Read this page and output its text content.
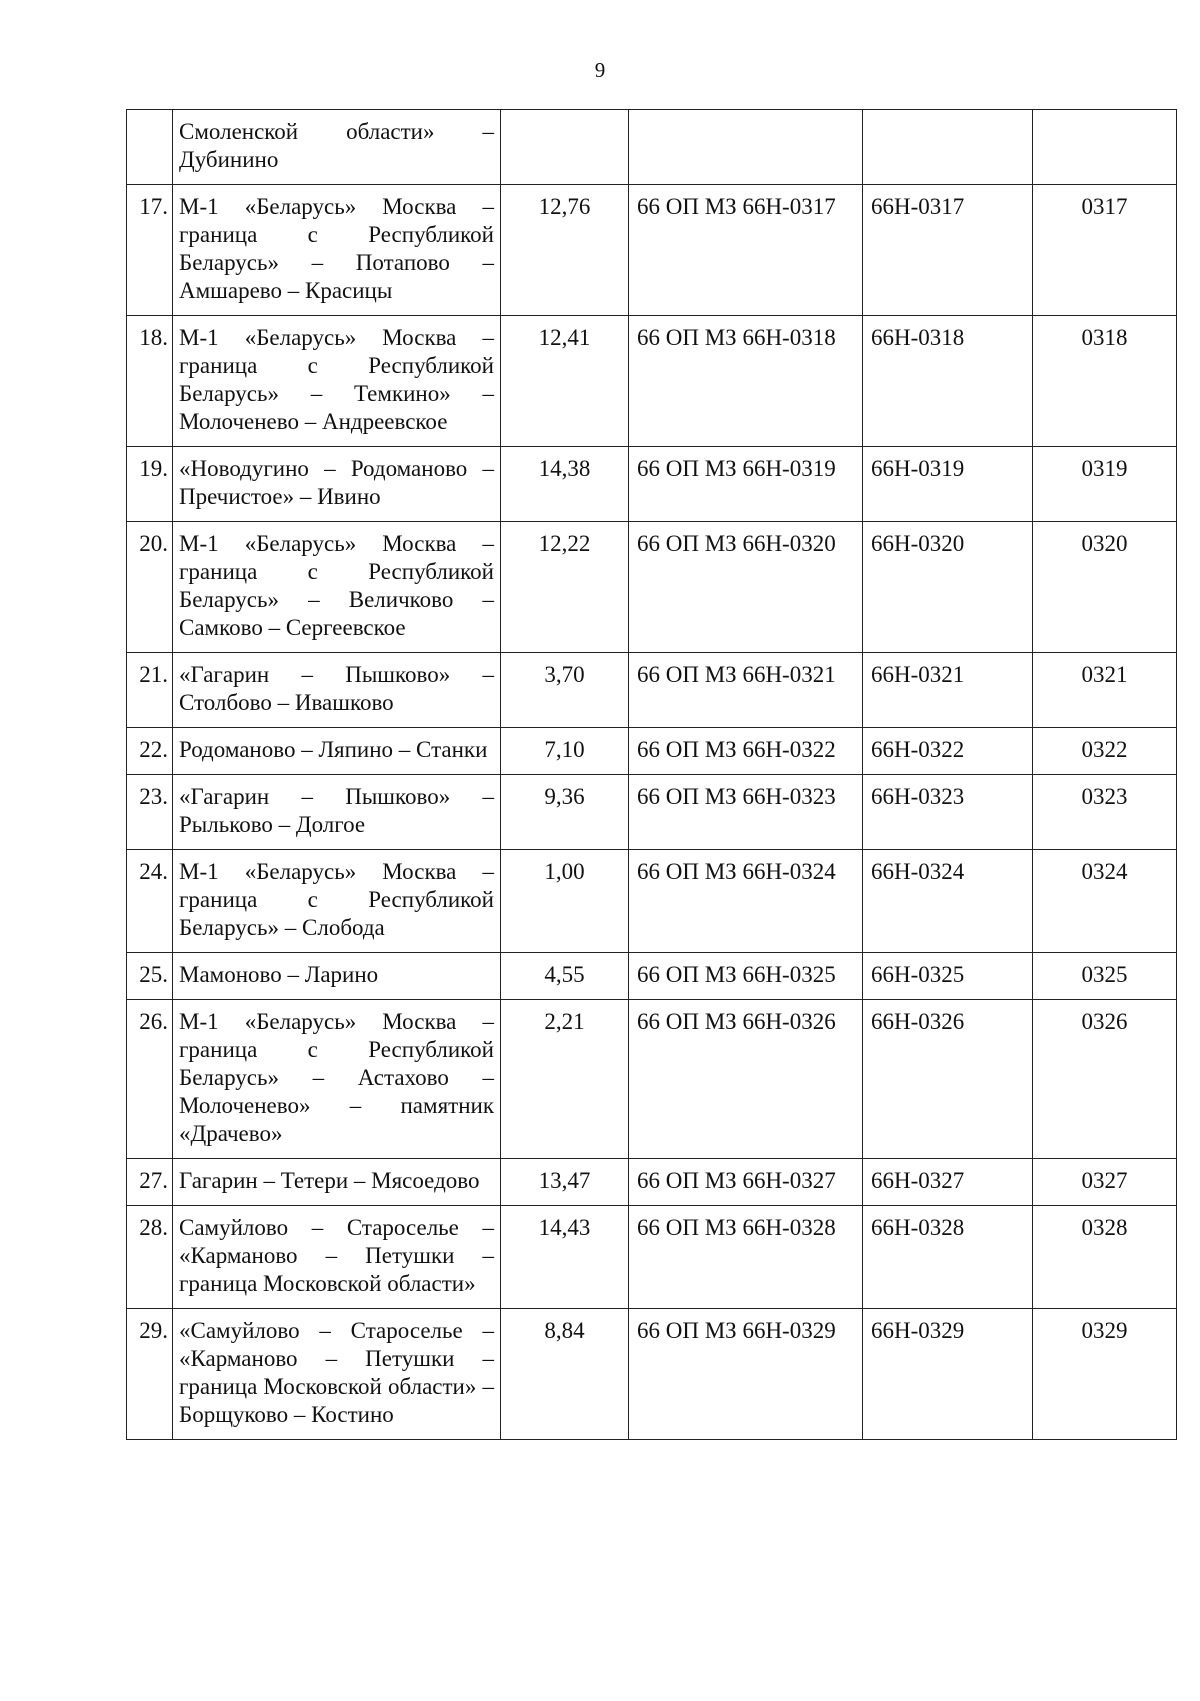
9
	Смоленской области» – Дубинино				
17.	М-1 «Беларусь» Москва – граница с Республикой Беларусь» – Потапово – Амшарево – Красицы	12,76	66 ОП МЗ 66Н-0317	66Н-0317	0317
18.	М-1 «Беларусь» Москва – граница с Республикой Беларусь» – Темкино» – Молоченево – Андреевское	12,41	66 ОП МЗ 66Н-0318	66Н-0318	0318
19.	«Новодугино – Родоманово – Пречистое» – Ивино	14,38	66 ОП МЗ 66Н-0319	66Н-0319	0319
20.	М-1 «Беларусь» Москва – граница с Республикой Беларусь» – Величково – Самково – Сергеевское	12,22	66 ОП МЗ 66Н-0320	66Н-0320	0320
21.	«Гагарин – Пышково» – Столбово – Ивашково	3,70	66 ОП МЗ 66Н-0321	66Н-0321	0321
22.	Родоманово – Ляпино – Станки	7,10	66 ОП МЗ 66Н-0322	66Н-0322	0322
23.	«Гагарин – Пышково» – Рыльково – Долгое	9,36	66 ОП МЗ 66Н-0323	66Н-0323	0323
24.	М-1 «Беларусь» Москва – граница с Республикой Беларусь» – Слобода	1,00	66 ОП МЗ 66Н-0324	66Н-0324	0324
25.	Мамоново – Ларино	4,55	66 ОП МЗ 66Н-0325	66Н-0325	0325
26.	М-1 «Беларусь» Москва – граница с Республикой Беларусь» – Астахово – Молоченево» – памятник «Драчево»	2,21	66 ОП МЗ 66Н-0326	66Н-0326	0326
27.	Гагарин – Тетери – Мясоедово	13,47	66 ОП МЗ 66Н-0327	66Н-0327	0327
28.	Самуйлово – Староселье – «Карманово – Петушки – граница Московской области»	14,43	66 ОП МЗ 66Н-0328	66Н-0328	0328
29.	«Самуйлово – Староселье – «Карманово – Петушки – граница Московской области» – Борщуково – Костино	8,84	66 ОП МЗ 66Н-0329	66Н-0329	0329
